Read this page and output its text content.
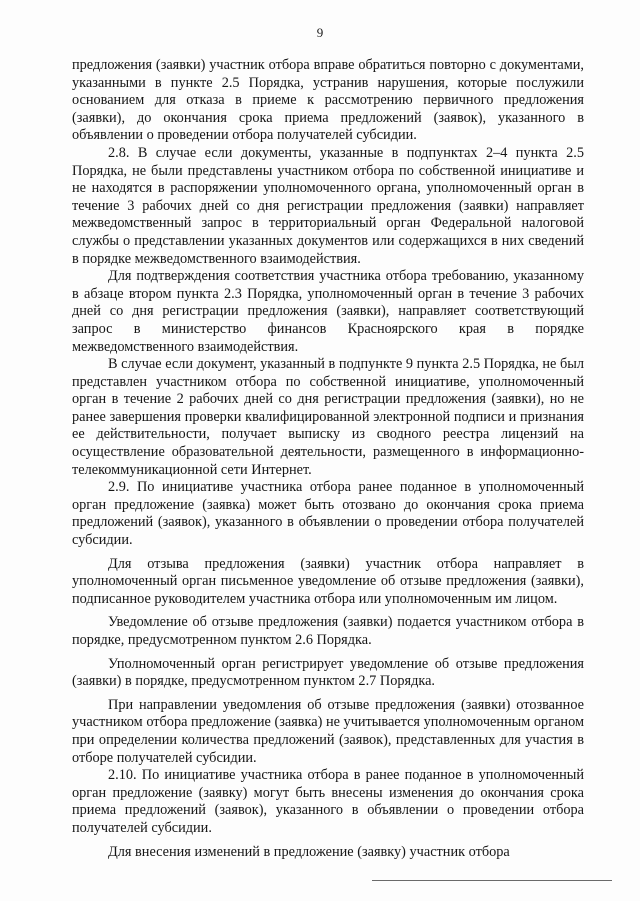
9

предложения (заявки) участник отбора вправе обратиться повторно с документами, указанными в пункте 2.5 Порядка, устранив нарушения, которые послужили основанием для отказа в приеме к рассмотрению первичного предложения (заявки), до окончания срока приема предложений (заявок), указанного в объявлении о проведении отбора получателей субсидии.

2.8. В случае если документы, указанные в подпунктах 2–4 пункта 2.5 Порядка, не были представлены участником отбора по собственной инициативе и не находятся в распоряжении уполномоченного органа, уполномоченный орган в течение 3 рабочих дней со дня регистрации предложения (заявки) направляет межведомственный запрос в территориальный орган Федеральной налоговой службы о представлении указанных документов или содержащихся в них сведений в порядке межведомственного взаимодействия.

Для подтверждения соответствия участника отбора требованию, указанному в абзаце втором пункта 2.3 Порядка, уполномоченный орган в течение 3 рабочих дней со дня регистрации предложения (заявки), направляет соответствующий запрос в министерство финансов Красноярского края в порядке межведомственного взаимодействия.

В случае если документ, указанный в подпункте 9 пункта 2.5 Порядка, не был представлен участником отбора по собственной инициативе, уполномоченный орган в течение 2 рабочих дней со дня регистрации предложения (заявки), но не ранее завершения проверки квалифицированной электронной подписи и признания ее действительности, получает выписку из сводного реестра лицензий на осуществление образовательной деятельности, размещенного в информационно-телекоммуникационной сети Интернет.

2.9. По инициативе участника отбора ранее поданное в уполномоченный орган предложение (заявка) может быть отозвано до окончания срока приема предложений (заявок), указанного в объявлении о проведении отбора получателей субсидии.

Для отзыва предложения (заявки) участник отбора направляет в уполномоченный орган письменное уведомление об отзыве предложения (заявки), подписанное руководителем участника отбора или уполномоченным им лицом.

Уведомление об отзыве предложения (заявки) подается участником отбора в порядке, предусмотренном пунктом 2.6 Порядка.

Уполномоченный орган регистрирует уведомление об отзыве предложения (заявки) в порядке, предусмотренном пунктом 2.7 Порядка.

При направлении уведомления об отзыве предложения (заявки) отозванное участником отбора предложение (заявка) не учитывается уполномоченным органом при определении количества предложений (заявок), представленных для участия в отборе получателей субсидии.

2.10. По инициативе участника отбора в ранее поданное в уполномоченный орган предложение (заявку) могут быть внесены изменения до окончания срока приема предложений (заявок), указанного в объявлении о проведении отбора получателей субсидии.

Для внесения изменений в предложение (заявку) участник отбора
